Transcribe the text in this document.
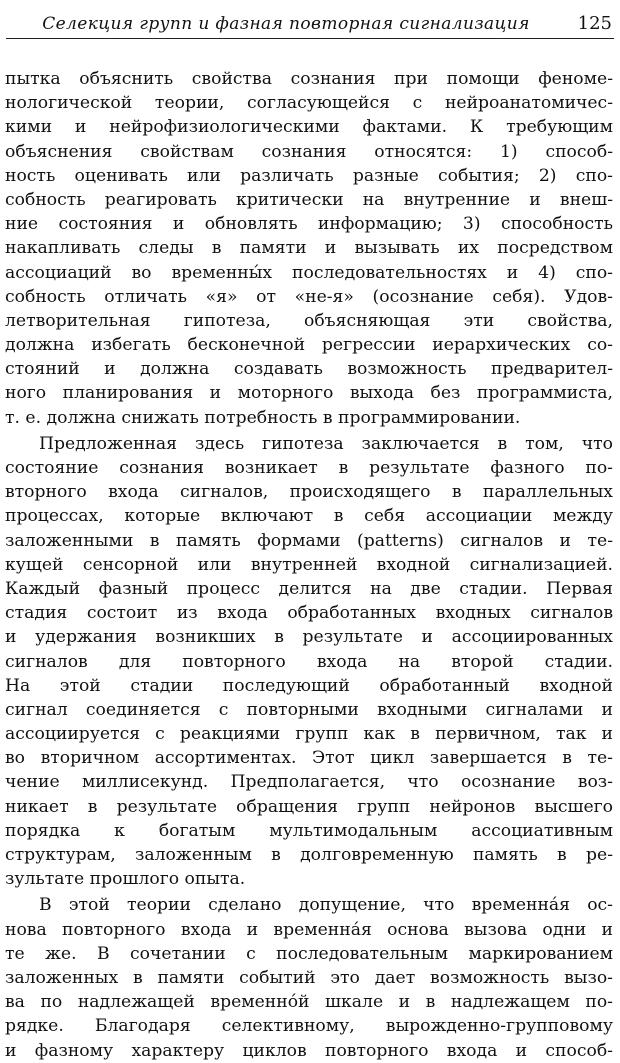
Селекция групп и фазная повторная сигнализация	125
пытка объяснить свойства сознания при помощи феноме-
нологической теории, согласующейся с нейроанатомичес-
кими и нейрофизиологическими фактами. К требующим
объяснения свойствам сознания относятся: 1) способ-
ность оценивать или различать разные события; 2) спо-
собность реагировать критически на внутренние и внеш-
ние состояния и обновлять информацию; 3) способность
накапливать следы в памяти и вызывать их посредством
ассоциаций во временны́х последовательностях и 4) спо-
собность отличать «я» от «не-я» (осознание себя). Удов-
летворительная гипотеза, объясняющая эти свойства,
должна избегать бесконечной регрессии иерархических со-
стояний и должна создавать возможность предварител-
ного планирования и моторного выхода без программиста,
т. е. должна снижать потребность в программировании.
Предложенная здесь гипотеза заключается в том, что
состояние сознания возникает в результате фазного по-
вторного входа сигналов, происходящего в параллельных
процессах, которые включают в себя ассоциации между
заложенными в память формами (patterns) сигналов и те-
кущей сенсорной или внутренней входной сигнализацией.
Каждый фазный процесс делится на две стадии. Первая
стадия состоит из входа обработанных входных сигналов
и удержания возникших в результате и ассоциированных
сигналов для повторного входа на второй стадии.
На этой стадии последующий обработанный входной
сигнал соединяется с повторными входными сигналами и
ассоциируется с реакциями групп как в первичном, так и
во вторичном ассортиментах. Этот цикл завершается в те-
чение миллисекунд. Предполагается, что осознание воз-
никает в результате обращения групп нейронов высшего
порядка к богатым мультимодальным ассоциативным
структурам, заложенным в долговременную память в ре-
зультате прошлого опыта.
В этой теории сделано допущение, что временна́я ос-
нова повторного входа и временна́я основа вызова одни и
те же. В сочетании с последовательным маркированием
заложенных в памяти событий это дает возможность вызо-
ва по надлежащей временно́й шкале и в надлежащем по-
рядке. Благодаря селективному, вырожденно-групповому
и фазному характеру циклов повторного входа и способ-
